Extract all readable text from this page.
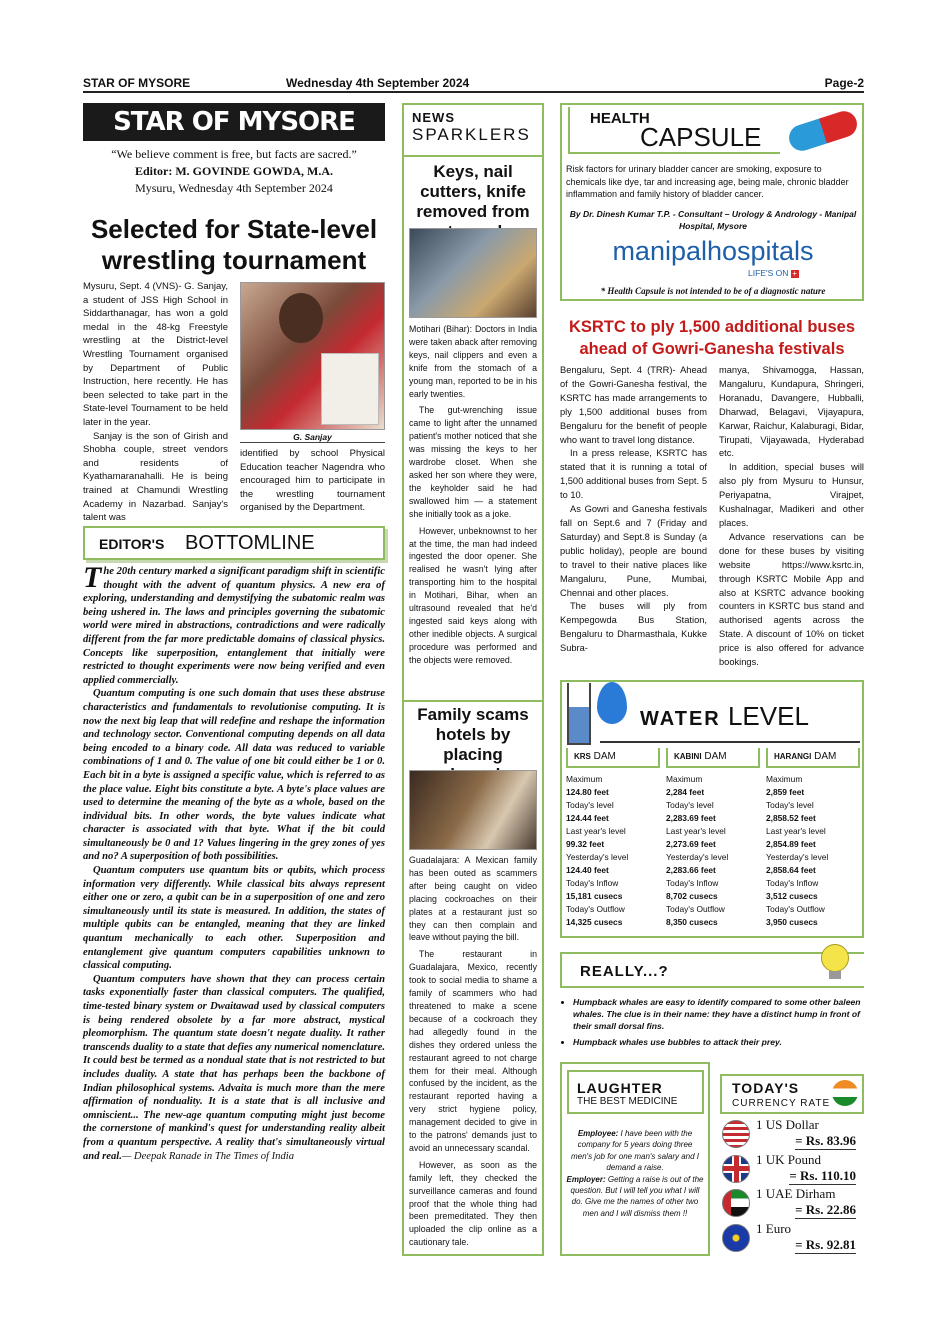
STAR OF MYSORE	Wednesday 4th September 2024	Page-2
STAR OF MYSORE
“We believe comment is free, but facts are sacred.”
Editor: M. GOVINDE GOWDA, M.A.
Mysuru, Wednesday 4th September 2024
Selected for State-level wrestling tournament

Mysuru, Sept. 4 (VNS)- G. Sanjay, a student of JSS High School in Siddarthanagar, has won a gold medal in the 48-kg Freestyle wrestling at the District-level Wrestling Tournament organised by Department of Public Instruction, here recently. He has been selected to take part in the State-level Tournament to be held later in the year.

Sanjay is the son of Girish and Shobha couple, street vendors and residents of Kyathamaranahalli. He is being trained at Chamundi Wrestling Academy in Nazarbad. Sanjay's talent was

G. Sanjay
identified by school Physical Education teacher Nagendra who encouraged him to participate in the wrestling tournament organised by the Department.
EDITOR'S BOTTOMLINE

The 20th century marked a significant paradigm shift in scientific thought with the advent of quantum physics. A new era of exploring, understanding and demystifying the subatomic realm was being ushered in. The laws and principles governing the subatomic world were mired in abstractions, contradictions and were radically different from the far more predictable domains of classical physics. Concepts like superposition, entanglement that initially were restricted to thought experiments were now being verified and even applied commercially.

Quantum computing is one such domain that uses these abstruse characteristics and fundamentals to revolutionise computing. It is now the next big leap that will redefine and reshape the information and technology sector. Conventional computing depends on all data being encoded to a binary code. All data was reduced to variable combinations of 1 and 0. The value of one bit could either be 1 or 0. Each bit in a byte is assigned a specific value, which is referred to as the place value. Eight bits constitute a byte. A byte's place values are used to determine the meaning of the byte as a whole, based on the individual bits. In other words, the byte values indicate what character is associated with that byte. What if the bit could simultaneously be 0 and 1? Values lingering in the grey zones of yes and no? A superposition of both possibilities.

Quantum computers use quantum bits or qubits, which process information very differently. While classical bits always represent either one or zero, a qubit can be in a superposition of one and zero simultaneously until its state is measured. In addition, the states of multiple qubits can be entangled, meaning that they are linked quantum mechanically to each other. Superposition and entanglement give quantum computers capabilities unknown to classical computing.

Quantum computers have shown that they can process certain tasks exponentially faster than classical computers. The qualified, time-tested binary system or Dwaitawad used by classical computers is being rendered obsolete by a far more abstract, mystical pleomorphism. The quantum state doesn't negate duality. It rather transcends duality to a state that defies any numerical nomenclature. It could best be termed as a nondual state that is not restricted to but includes duality. A state that has perhaps been the backbone of Indian philosophical systems. Advaita is much more than the mere affirmation of nonduality. It is a state that is all inclusive and omniscient... The new-age quantum computing might just become the cornerstone of mankind's quest for understanding reality albeit from a quantum perspective. A reality that's simultaneously virtual and real.— Deepak Ranade in The Times of India

NEWS
SPARKLERS
Keys, nail cutters, knife removed from

Motihari (Bihar): Doctors in India were taken aback after removing keys, nail clippers and even a knife from the stomach of a young man, reported to be in his early twenties.

The gut-wrenching issue came to light after the unnamed patient's mother noticed that she was missing the keys to her wardrobe closet. When she asked her son where they were, the keyholder said he had swallowed him — a statement she initially took as a joke.

However, unbeknownst to her at the time, the man had indeed ingested the door opener. She realised he wasn't lying after transporting him to the hospital in Motihari, Bihar, when an ultrasound revealed that he'd ingested said keys along with other inedible objects. A surgical procedure was performed and the objects were removed.

Family scams hotels by placing

Guadalajara: A Mexican family has been outed as scammers after being caught on video placing cockroaches on their plates at a restaurant just so they can then complain and leave without paying the bill.

The restaurant in Guadalajara, Mexico, recently took to social media to shame a family of scammers who had threatened to make a scene because of a cockroach they had allegedly found in the dishes they ordered unless the restaurant agreed to not charge them for their meal. Although confused by the incident, as the restaurant reported having a very strict hygiene policy, management decided to give in to the patrons' demands just to avoid an unnecessary scandal.

However, as soon as the family left, they checked the surveillance cameras and found proof that the whole thing had been premeditated. They then uploaded the clip online as a cautionary tale.

HEALTH
CAPSULE
Risk factors for urinary bladder cancer are smoking, exposure to chemicals like dye, tar and increasing age, being male, chronic bladder inflammation and family history of bladder cancer.
By Dr. Dinesh Kumar T.P. - Consultant – Urology & Andrology - Manipal Hospital, Mysore
manipalhospitals
LIFE'S ON +
* Health Capsule is not intended to be of a diagnostic nature
KSRTC to ply 1,500 additional buses ahead of Gowri-Ganesha festivals

Bengaluru, Sept. 4 (TRR)- Ahead of the Gowri-Ganesha festival, the KSRTC has made arrangements to ply 1,500 additional buses from Bengaluru for the benefit of people who want to travel long distance.

In a press release, KSRTC has stated that it is running a total of 1,500 additional buses from Sept. 5 to 10.

As Gowri and Ganesha festivals fall on Sept.6 and 7 (Friday and Saturday) and Sept.8 is Sunday (a public holiday), people are bound to travel to their native places like Mangaluru, Pune, Mumbai, Chennai and other places.

The buses will ply from Kempegowda Bus Station, Bengaluru to Dharmasthala, Kukke Subra-

manya, Shivamogga, Hassan, Mangaluru, Kundapura, Shringeri, Horanadu, Davangere, Hubballi, Dharwad, Belagavi, Vijayapura, Karwar, Raichur, Kalaburagi, Bidar, Tirupati, Vijayawada, Hyderabad etc.

In addition, special buses will also ply from Mysuru to Hunsur, Periyapatna, Virajpet, Kushalnagar, Madikeri and other places.

Advance reservations can be done for these buses by visiting website https://www.ksrtc.in, through KSRTC Mobile App and also at KSRTC advance booking counters in KSRTC bus stand and authorised agents across the State. A discount of 10% on ticket price is also offered for advance bookings.

WATER LEVEL
KRS DAM
Maximum
124.80 feet
Today's level
124.44 feet
Last year's level
99.32 feet
Yesterday's level
124.40 feet
Today's Inflow
15,181 cusecs
Today's Outflow
14,325 cusecs
KABINI DAM
Maximum
2,284 feet
Today's level
2,283.69 feet
Last year's level
2,273.69 feet
Yesterday's level
2,283.66 feet
Today's Inflow
8,702 cusecs
Today's Outflow
8,350 cusecs
HARANGI DAM
Maximum
2,859 feet
Today's level
2,858.52 feet
Last year's level
2,854.89 feet
Yesterday's level
2,858.64 feet
Today's Inflow
3,512 cusecs
Today's Outflow
3,950 cusecs
REALLY...?
• Humpback whales are easy to identify compared to some other baleen whales. The clue is in their name: they have a distinct hump in front of their small dorsal fins.
• Humpback whales use bubbles to attack their prey.
LAUGHTER
THE BEST MEDICINE

Employee: I have been with the company for 5 years doing three men's job for one man's salary and I demand a raise.

Employer: Getting a raise is out of the question. But I will tell you what I will do. Give me the names of other two men and I will dismiss them !!

TODAY'S
CURRENCY RATE
1 US Dollar
= Rs. 83.96
1 UK Pound
= Rs. 110.10
1 UAE Dirham
= Rs. 22.86
1 Euro
= Rs. 92.81
